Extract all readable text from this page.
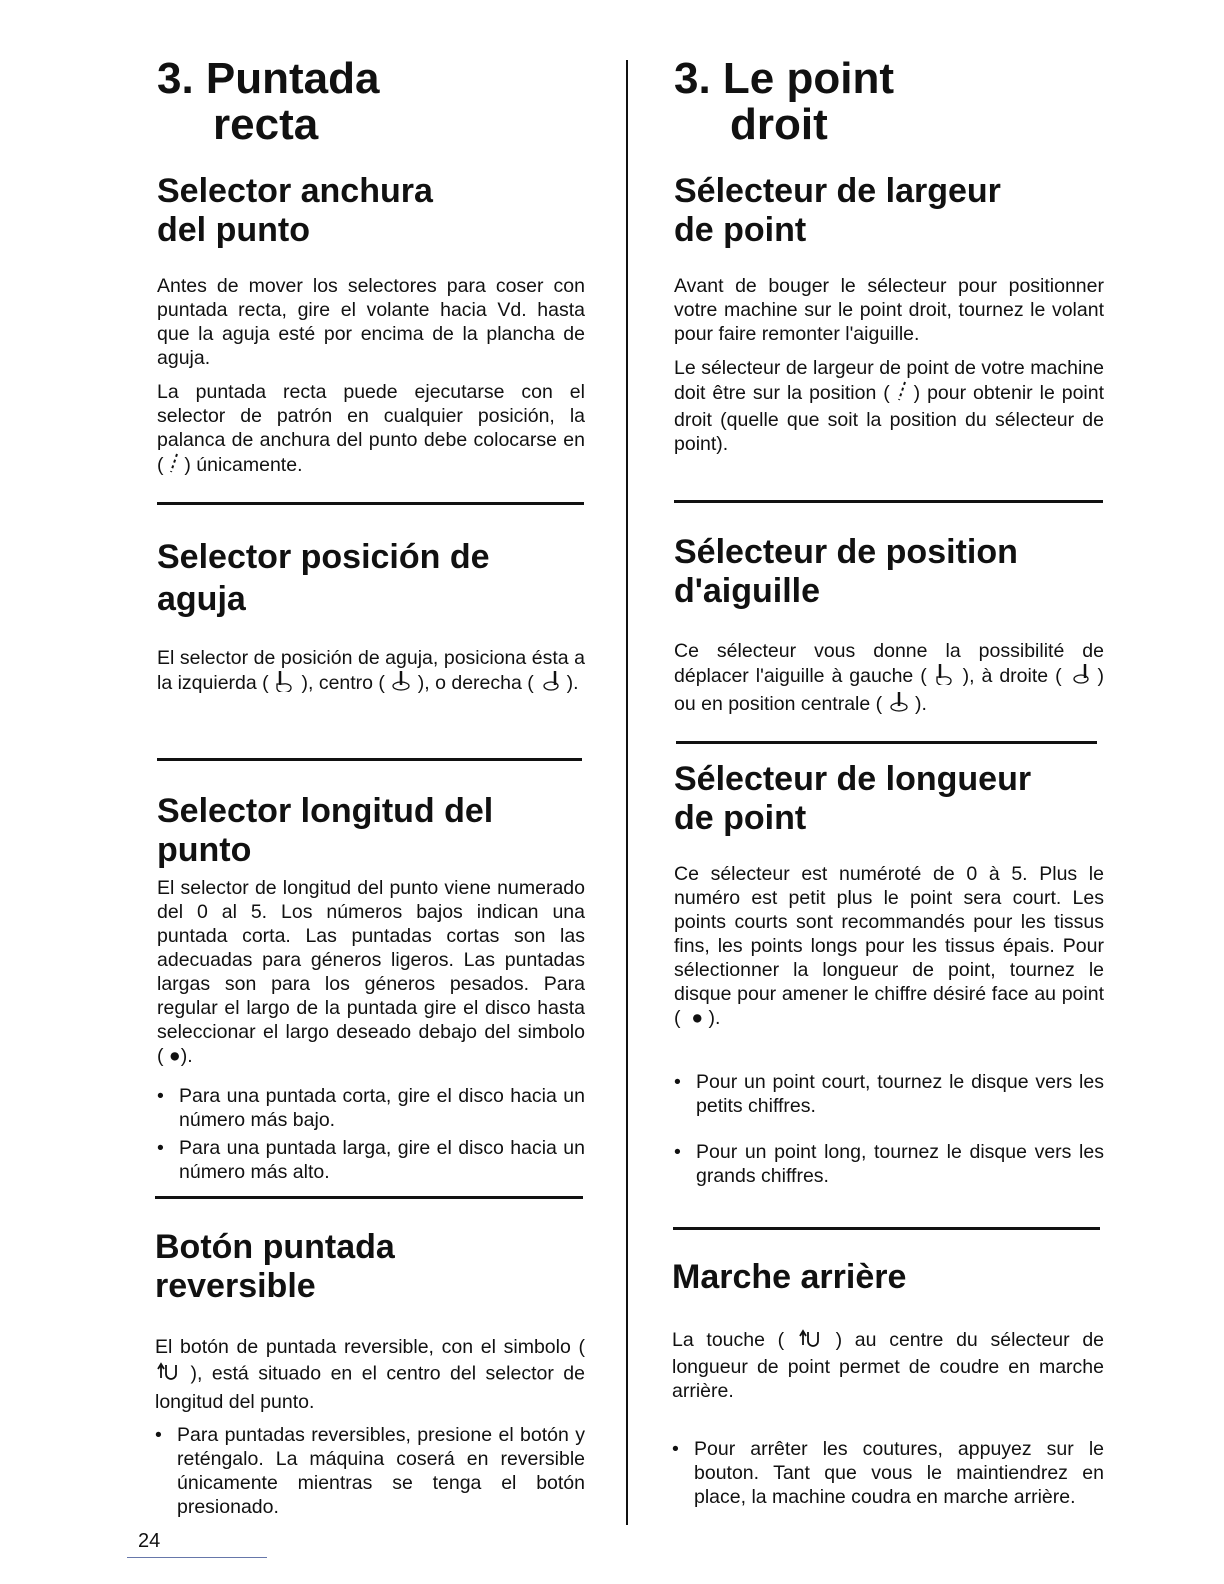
3. Puntada
recta
Selector anchura
del punto

Antes de mover los selectores para coser con puntada recta, gire el volante hacia Vd. hasta que la aguja esté por encima de la plancha de aguja.

La puntada recta puede ejecutarse con el selector de patrón en cualquier posición, la palanca de anchura del punto debe colocarse en ( ) únicamente.

Selector posición de
aguja

El selector de posición de aguja, posiciona ésta a la izquierda ( ), centro ( ), o derecha ( ).

Selector longitud del
punto

El selector de longitud del punto viene numerado del 0 al 5. Los números bajos indican una puntada corta. Las puntadas cortas son las adecuadas para géneros ligeros. Las puntadas largas son para los géneros pesados. Para regular el largo de la puntada gire el disco hasta seleccionar el largo deseado debajo del simbolo ( ●).

• Para una puntada corta, gire el disco hacia un número más bajo.

• Para una puntada larga, gire el disco hacia un número más alto.

Botón puntada
reversible

El botón de puntada reversible, con el simbolo (  ), está situado en el centro del selector de longitud del punto.

• Para puntadas reversibles, presione el botón y reténgalo. La máquina coserá en reversible únicamente mientras se tenga el botón presionado.

24
3. Le point
droit
Sélecteur de largeur
de point

Avant de bouger le sélecteur pour positionner votre machine sur le point droit, tournez le volant pour faire remonter l'aiguille.

Le sélecteur de largeur de point de votre machine doit être sur la position ( ) pour obtenir le point droit (quelle que soit la position du sélecteur de point).

Sélecteur de position
d'aiguille

Ce sélecteur vous donne la possibilité de déplacer l'aiguille à gauche ( ), à droite ( ) ou en position centrale ( ).

Sélecteur de longueur
de point

Ce sélecteur est numéroté de 0 à 5. Plus le numéro est petit plus le point sera court. Les points courts sont recommandés pour les tissus fins, les points longs pour les tissus épais. Pour sélectionner la longueur de point, tournez le disque pour amener le chiffre désiré face au point (  ● ).

• Pour un point court, tournez le disque vers les petits chiffres.

• Pour un point long, tournez le disque vers les grands chiffres.

Marche arrière

La touche (	) au centre du sélecteur de longueur de point permet de coudre en marche arrière.

• Pour arrêter les coutures, appuyez sur le bouton. Tant que vous le maintiendrez en place, la machine coudra en marche arrière.
